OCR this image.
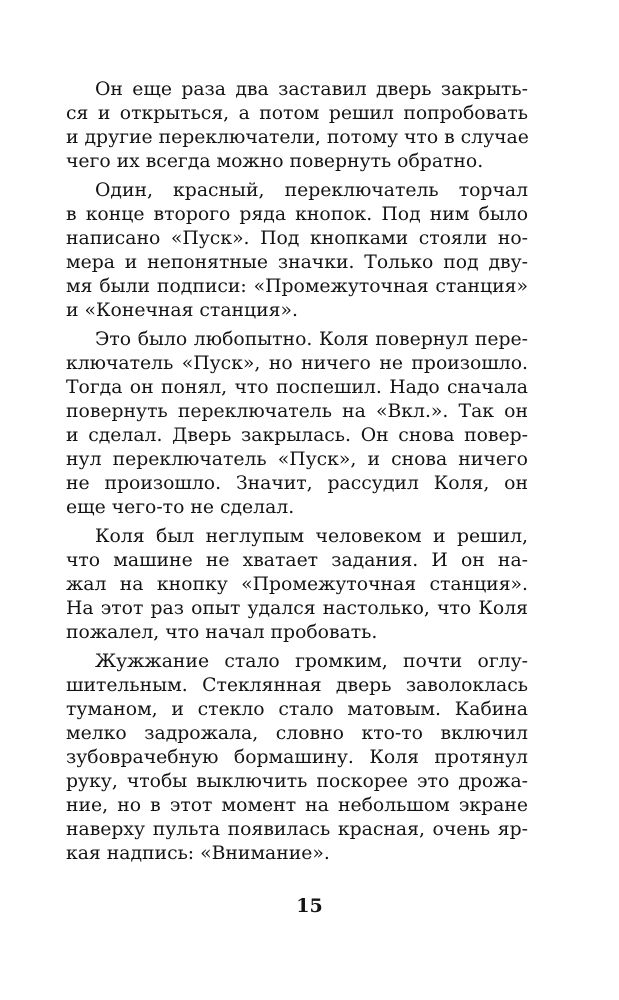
Он еще раза два заставил дверь закрыть-
ся и открыться, а потом решил попробовать
и другие переключатели, потому что в случае
чего их всегда можно повернуть обратно.
Один, красный, переключатель торчал
в конце второго ряда кнопок. Под ним было
написано «Пуск». Под кнопками стояли но-
мера и непонятные значки. Только под дву-
мя были подписи: «Промежуточная станция»
и «Конечная станция».
Это было любопытно. Коля повернул пере-
ключатель «Пуск», но ничего не произошло.
Тогда он понял, что поспешил. Надо сначала
повернуть переключатель на «Вкл.». Так он
и сделал. Дверь закрылась. Он снова повер-
нул переключатель «Пуск», и снова ничего
не произошло. Значит, рассудил Коля, он
еще чего-то не сделал.
Коля был неглупым человеком и решил,
что машине не хватает задания. И он на-
жал на кнопку «Промежуточная станция».
На этот раз опыт удался настолько, что Коля
пожалел, что начал пробовать.
Жужжание стало громким, почти оглу-
шительным. Стеклянная дверь заволоклась
туманом, и стекло стало матовым. Кабина
мелко задрожала, словно кто-то включил
зубоврачебную бормашину. Коля протянул
руку, чтобы выключить поскорее это дрожа-
ние, но в этот момент на небольшом экране
наверху пульта появилась красная, очень яр-
кая надпись: «Внимание».
15
